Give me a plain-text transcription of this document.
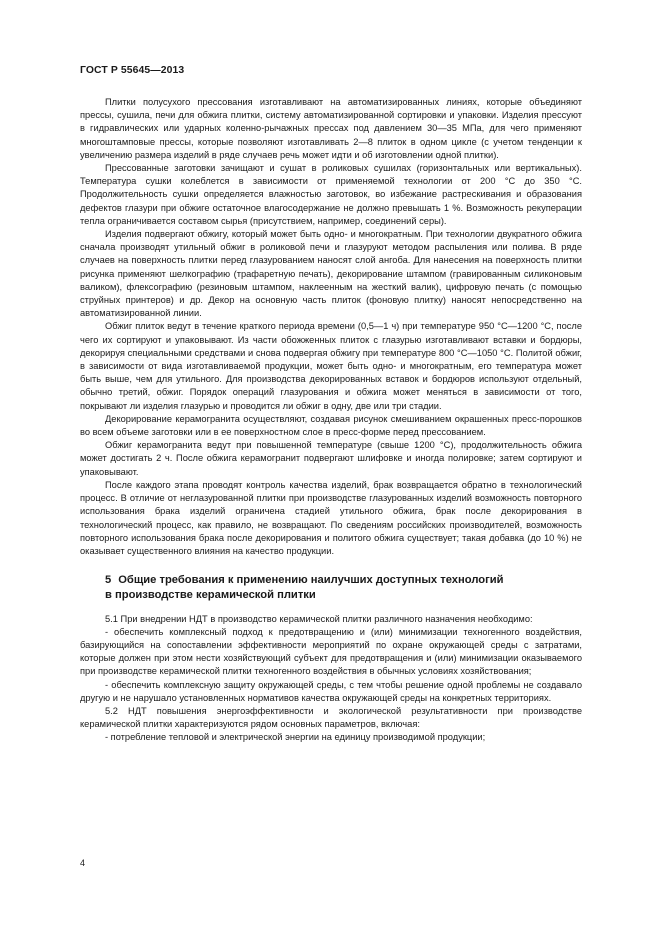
ГОСТ Р 55645—2013

Плитки полусухого прессования изготавливают на автоматизированных линиях, которые объединяют прессы, сушила, печи для обжига плитки, систему автоматизированной сортировки и упаковки. Изделия прессуют в гидравлических или ударных коленно-рычажных прессах под давлением 30—35 МПа, для чего применяют многоштамповые прессы, которые позволяют изготавливать 2—8 плиток в одном цикле (с учетом тенденции к увеличению размера изделий в ряде случаев речь может идти и об изготовлении одной плитки).

Прессованные заготовки зачищают и сушат в роликовых сушилах (горизонтальных или вертикальных). Температура сушки колеблется в зависимости от применяемой технологии от 200 °С до 350 °С. Продолжительность сушки определяется влажностью заготовок, во избежание растрескивания и образования дефектов глазури при обжиге остаточное влагосодержание не должно превышать 1 %. Возможность рекуперации тепла ограничивается составом сырья (присутствием, например, соединений серы).

Изделия подвергают обжигу, который может быть одно- и многократным. При технологии двукратного обжига сначала производят утильный обжиг в роликовой печи и глазуруют методом распыления или полива. В ряде случаев на поверхность плитки перед глазурованием наносят слой ангоба. Для нанесения на поверхность плитки рисунка применяют шелкографию (трафаретную печать), декорирование штампом (гравированным силиконовым валиком), флексографию (резиновым штампом, наклеенным на жесткий валик), цифровую печать (с помощью струйных принтеров) и др. Декор на основную часть плиток (фоновую плитку) наносят непосредственно на автоматизированной линии.

Обжиг плиток ведут в течение краткого периода времени (0,5—1 ч) при температуре 950 °С—1200 °С, после чего их сортируют и упаковывают. Из части обожженных плиток с глазурью изготавливают вставки и бордюры, декорируя специальными средствами и снова подвергая обжигу при температуре 800 °С—1050 °С. Политой обжиг, в зависимости от вида изготавливаемой продукции, может быть одно- и многократным, его температура может быть выше, чем для утильного. Для производства декорированных вставок и бордюров используют отдельный, обычно третий, обжиг. Порядок операций глазурования и обжига может меняться в зависимости от того, покрывают ли изделия глазурью и проводится ли обжиг в одну, две или три стадии.

Декорирование керамогранита осуществляют, создавая рисунок смешиванием окрашенных пресс-порошков во всем объеме заготовки или в ее поверхностном слое в пресс-форме перед прессованием.

Обжиг керамогранита ведут при повышенной температуре (свыше 1200 °С), продолжительность обжига может достигать 2 ч. После обжига керамогранит подвергают шлифовке и иногда полировке; затем сортируют и упаковывают.

После каждого этапа проводят контроль качества изделий, брак возвращается обратно в технологический процесс. В отличие от неглазурованной плитки при производстве глазурованных изделий возможность повторного использования брака изделий ограничена стадией утильного обжига, брак после декорирования в технологический процесс, как правило, не возвращают. По сведениям российских производителей, возможность повторного использования брака после декорирования и политого обжига существует; такая добавка (до 10 %) не оказывает существенного влияния на качество продукции.

5 Общие требования к применению наилучших доступных технологий
в производстве керамической плитки

5.1 При внедрении НДТ в производство керамической плитки различного назначения необходимо:

- обеспечить комплексный подход к предотвращению и (или) минимизации техногенного воздействия, базирующийся на сопоставлении эффективности мероприятий по охране окружающей среды с затратами, которые должен при этом нести хозяйствующий субъект для предотвращения и (или) минимизации оказываемого при производстве керамической плитки техногенного воздействия в обычных условиях хозяйствования;

- обеспечить комплексную защиту окружающей среды, с тем чтобы решение одной проблемы не создавало другую и не нарушало установленных нормативов качества окружающей среды на конкретных территориях.

5.2 НДТ повышения энергоэффективности и экологической результативности при производстве керамической плитки характеризуются рядом основных параметров, включая:

- потребление тепловой и электрической энергии на единицу производимой продукции;

4
